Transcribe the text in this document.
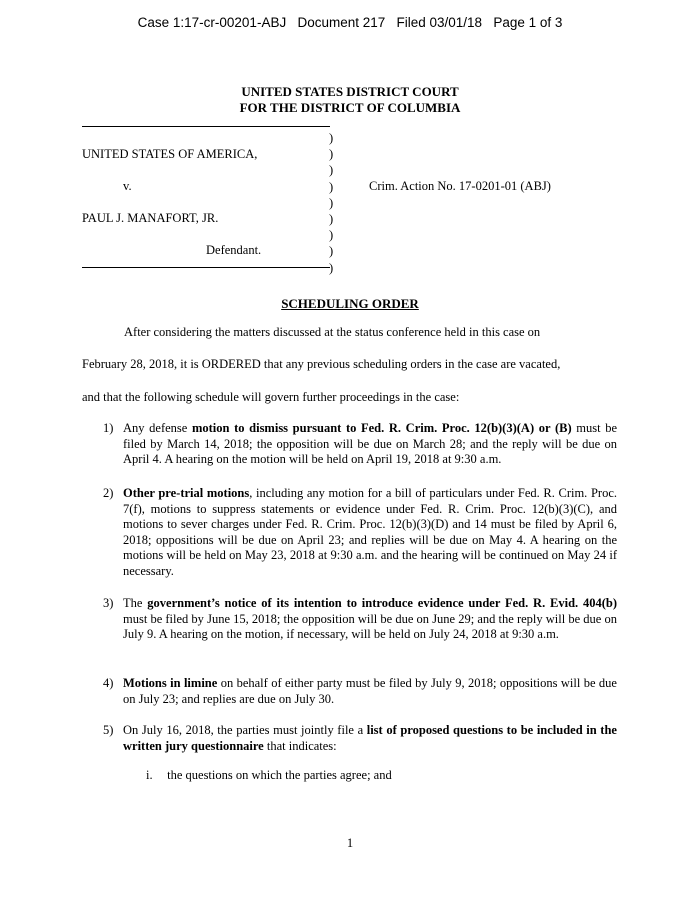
Case 1:17-cr-00201-ABJ   Document 217   Filed 03/01/18   Page 1 of 3
UNITED STATES DISTRICT COURT
FOR THE DISTRICT OF COLUMBIA
UNITED STATES OF AMERICA,
v.	Crim. Action No. 17-0201-01 (ABJ)
PAUL J. MANAFORT, JR.
Defendant.
)
)
)
)
)
)
)
)
)
SCHEDULING ORDER
After considering the matters discussed at the status conference held in this case on
February 28, 2018, it is ORDERED that any previous scheduling orders in the case are vacated,
and that the following schedule will govern further proceedings in the case:
1) Any defense motion to dismiss pursuant to Fed. R. Crim. Proc. 12(b)(3)(A) or (B) must be filed by March 14, 2018; the opposition will be due on March 28; and the reply will be due on April 4. A hearing on the motion will be held on April 19, 2018 at 9:30 a.m.
2) Other pre-trial motions, including any motion for a bill of particulars under Fed. R. Crim. Proc. 7(f), motions to suppress statements or evidence under Fed. R. Crim. Proc. 12(b)(3)(C), and motions to sever charges under Fed. R. Crim. Proc. 12(b)(3)(D) and 14 must be filed by April 6, 2018; oppositions will be due on April 23; and replies will be due on May 4. A hearing on the motions will be held on May 23, 2018 at 9:30 a.m. and the hearing will be continued on May 24 if necessary.
3) The government’s notice of its intention to introduce evidence under Fed. R. Evid. 404(b) must be filed by June 15, 2018; the opposition will be due on June 29; and the reply will be due on July 9. A hearing on the motion, if necessary, will be held on July 24, 2018 at 9:30 a.m.
4) Motions in limine on behalf of either party must be filed by July 9, 2018; oppositions will be due on July 23; and replies are due on July 30.
5) On July 16, 2018, the parties must jointly file a list of proposed questions to be included in the written jury questionnaire that indicates:
i. the questions on which the parties agree; and
1
